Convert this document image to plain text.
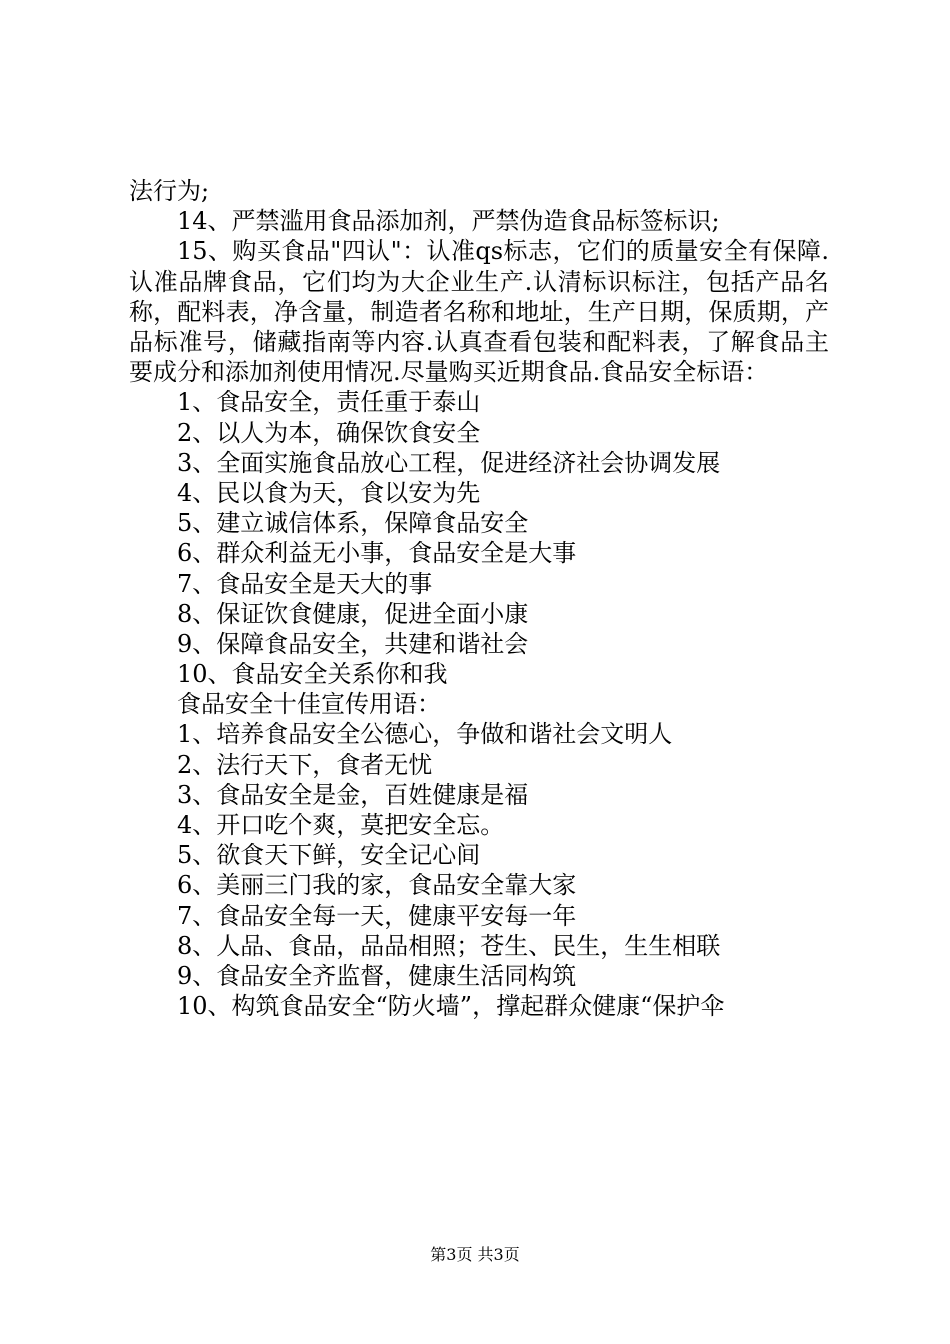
法行为;
14、严禁滥用食品添加剂，严禁伪造食品标签标识;
15、购买食品"四认"：认准qs标志，它们的质量安全有保障.认准品牌食品，它们均为大企业生产.认清标识标注，包括产品名称，配料表，净含量，制造者名称和地址，生产日期，保质期，产品标准号，储藏指南等内容.认真查看包装和配料表，了解食品主要成分和添加剂使用情况.尽量购买近期食品.食品安全标语：
1、食品安全，责任重于泰山
2、以人为本，确保饮食安全
3、全面实施食品放心工程，促进经济社会协调发展
4、民以食为天，食以安为先
5、建立诚信体系，保障食品安全
6、群众利益无小事，食品安全是大事
7、食品安全是天大的事
8、保证饮食健康，促进全面小康
9、保障食品安全，共建和谐社会
10、食品安全关系你和我
食品安全十佳宣传用语：
1、培养食品安全公德心，争做和谐社会文明人
2、法行天下，食者无忧
3、食品安全是金，百姓健康是福
4、开口吃个爽，莫把安全忘。
5、欲食天下鲜，安全记心间
6、美丽三门我的家，食品安全靠大家
7、食品安全每一天，健康平安每一年
8、人品、食品，品品相照；苍生、民生，生生相联
9、食品安全齐监督，健康生活同构筑
10、构筑食品安全“防火墙”，撑起群众健康“保护伞
第3页 共3页
